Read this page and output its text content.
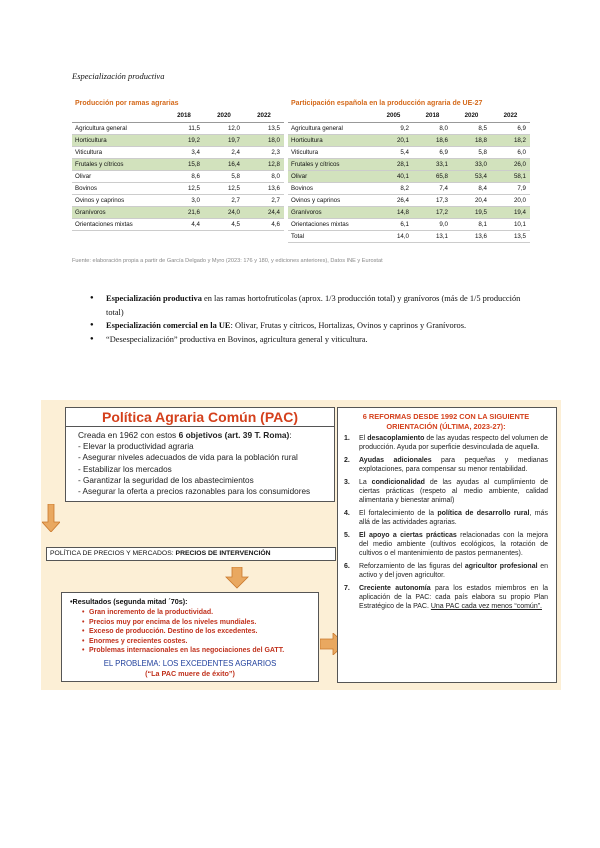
Especialización productiva
Producción por ramas agrarias
	2018	2020	2022
Agricultura general	11,5	12,0	13,5
Horticultura	19,2	19,7	18,0
Viticultura	3,4	2,4	2,3
Frutales y cítricos	15,8	16,4	12,8
Olivar	8,6	5,8	8,0
Bovinos	12,5	12,5	13,6
Ovinos y caprinos	3,0	2,7	2,7
Granívoros	21,6	24,0	24,4
Orientaciones mixtas	4,4	4,5	4,6
Participación española en la producción agraria de UE-27
	2005	2018	2020	2022
Agricultura general	9,2	8,0	8,5	6,9
Horticultura	20,1	18,6	18,8	18,2
Viticultura	5,4	6,9	5,8	6,0
Frutales y cítricos	28,1	33,1	33,0	26,0
Olivar	40,1	65,8	53,4	58,1
Bovinos	8,2	7,4	8,4	7,9
Ovinos y caprinos	26,4	17,3	20,4	20,0
Granívoros	14,8	17,2	19,5	19,4
Orientaciones mixtas	6,1	9,0	8,1	10,1
Total	14,0	13,1	13,6	13,5
Fuente: elaboración propia a partir de García Delgado y Myro (2023: 176 y 180, y ediciones anteriores), Datos INE y Eurostat
● Especialización productiva en las ramas hortofrutícolas (aprox. 1/3 producción total) y granívoros (más de 1/5 producción total)
● Especialización comercial en la UE: Olivar, Frutas y cítricos, Hortalizas, Ovinos y caprinos y Granívoros.
● “Desespecialización” productiva en Bovinos, agricultura general y viticultura.
Política Agraria Común (PAC)
Creada en 1962 con estos 6 objetivos (art. 39 T. Roma):
- Elevar la productividad agraria
- Asegurar niveles adecuados de vida para la población rural
- Estabilizar los mercados
- Garantizar la seguridad de los abastecimientos
- Asegurar la oferta a precios razonables para los consumidores
POLÍTICA DE PRECIOS Y MERCADOS: PRECIOS DE INTERVENCIÓN
•Resultados (segunda mitad ´70s):
• Gran incremento de la productividad.
• Precios muy por encima de los niveles mundiales.
• Exceso de producción. Destino de los excedentes.
• Enormes y crecientes costes.
• Problemas internacionales en las negociaciones del GATT.
EL PROBLEMA: LOS EXCEDENTES AGRARIOS
(“La PAC muere de éxito”)
6 REFORMAS DESDE 1992 CON LA SIGUIENTE ORIENTACIÓN (ÚLTIMA, 2023-27):
1.	El desacoplamiento de las ayudas respecto del volumen de producción. Ayuda por superficie desvinculada de aquella.
2.	Ayudas adicionales para pequeñas y medianas explotaciones, para compensar su menor rentabilidad.
3.	La condicionalidad de las ayudas al cumplimiento de ciertas prácticas (respeto al medio ambiente, calidad alimentaria y bienestar animal)
4.	El fortalecimiento de la política de desarrollo rural, más allá de las actividades agrarias.
5.	El apoyo a ciertas prácticas relacionadas con la mejora del medio ambiente (cultivos ecológicos, la rotación de cultivos o el mantenimiento de pastos permanentes).
6.	Reforzamiento de las figuras del agricultor profesional en activo y del joven agricultor.
7.	Creciente autonomía para los estados miembros en la aplicación de la PAC: cada país elabora su propio Plan Estratégico de la PAC. Una PAC cada vez menos “común”.
